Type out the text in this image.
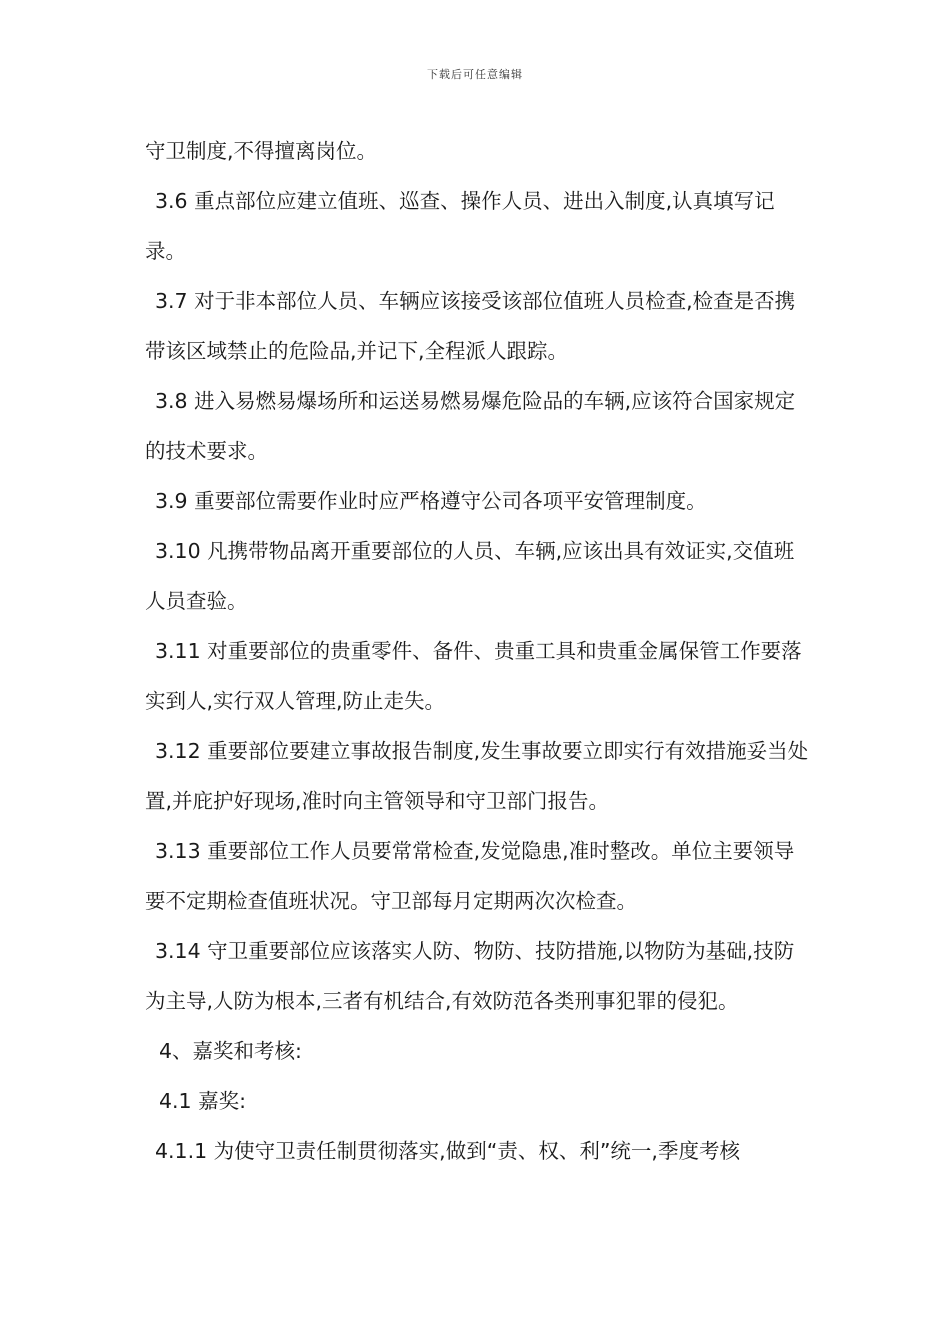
下载后可任意编辑

守卫制度,不得擅离岗位。

3.6 重点部位应建立值班、巡查、操作人员、进出入制度,认真填写记录。

3.7 对于非本部位人员、车辆应该接受该部位值班人员检查,检查是否携带该区域禁止的危险品,并记下,全程派人跟踪。

3.8 进入易燃易爆场所和运送易燃易爆危险品的车辆,应该符合国家规定的技术要求。

3.9 重要部位需要作业时应严格遵守公司各项平安管理制度。

3.10 凡携带物品离开重要部位的人员、车辆,应该出具有效证实,交值班人员查验。

3.11 对重要部位的贵重零件、备件、贵重工具和贵重金属保管工作要落实到人,实行双人管理,防止走失。

3.12 重要部位要建立事故报告制度,发生事故要立即实行有效措施妥当处置,并庇护好现场,准时向主管领导和守卫部门报告。

3.13 重要部位工作人员要常常检查,发觉隐患,准时整改。单位主要领导要不定期检查值班状况。守卫部每月定期两次次检查。

3.14 守卫重要部位应该落实人防、物防、技防措施,以物防为基础,技防为主导,人防为根本,三者有机结合,有效防范各类刑事犯罪的侵犯。

4、嘉奖和考核:

4.1 嘉奖:

4.1.1 为使守卫责任制贯彻落实,做到“责、权、利”统一,季度考核
